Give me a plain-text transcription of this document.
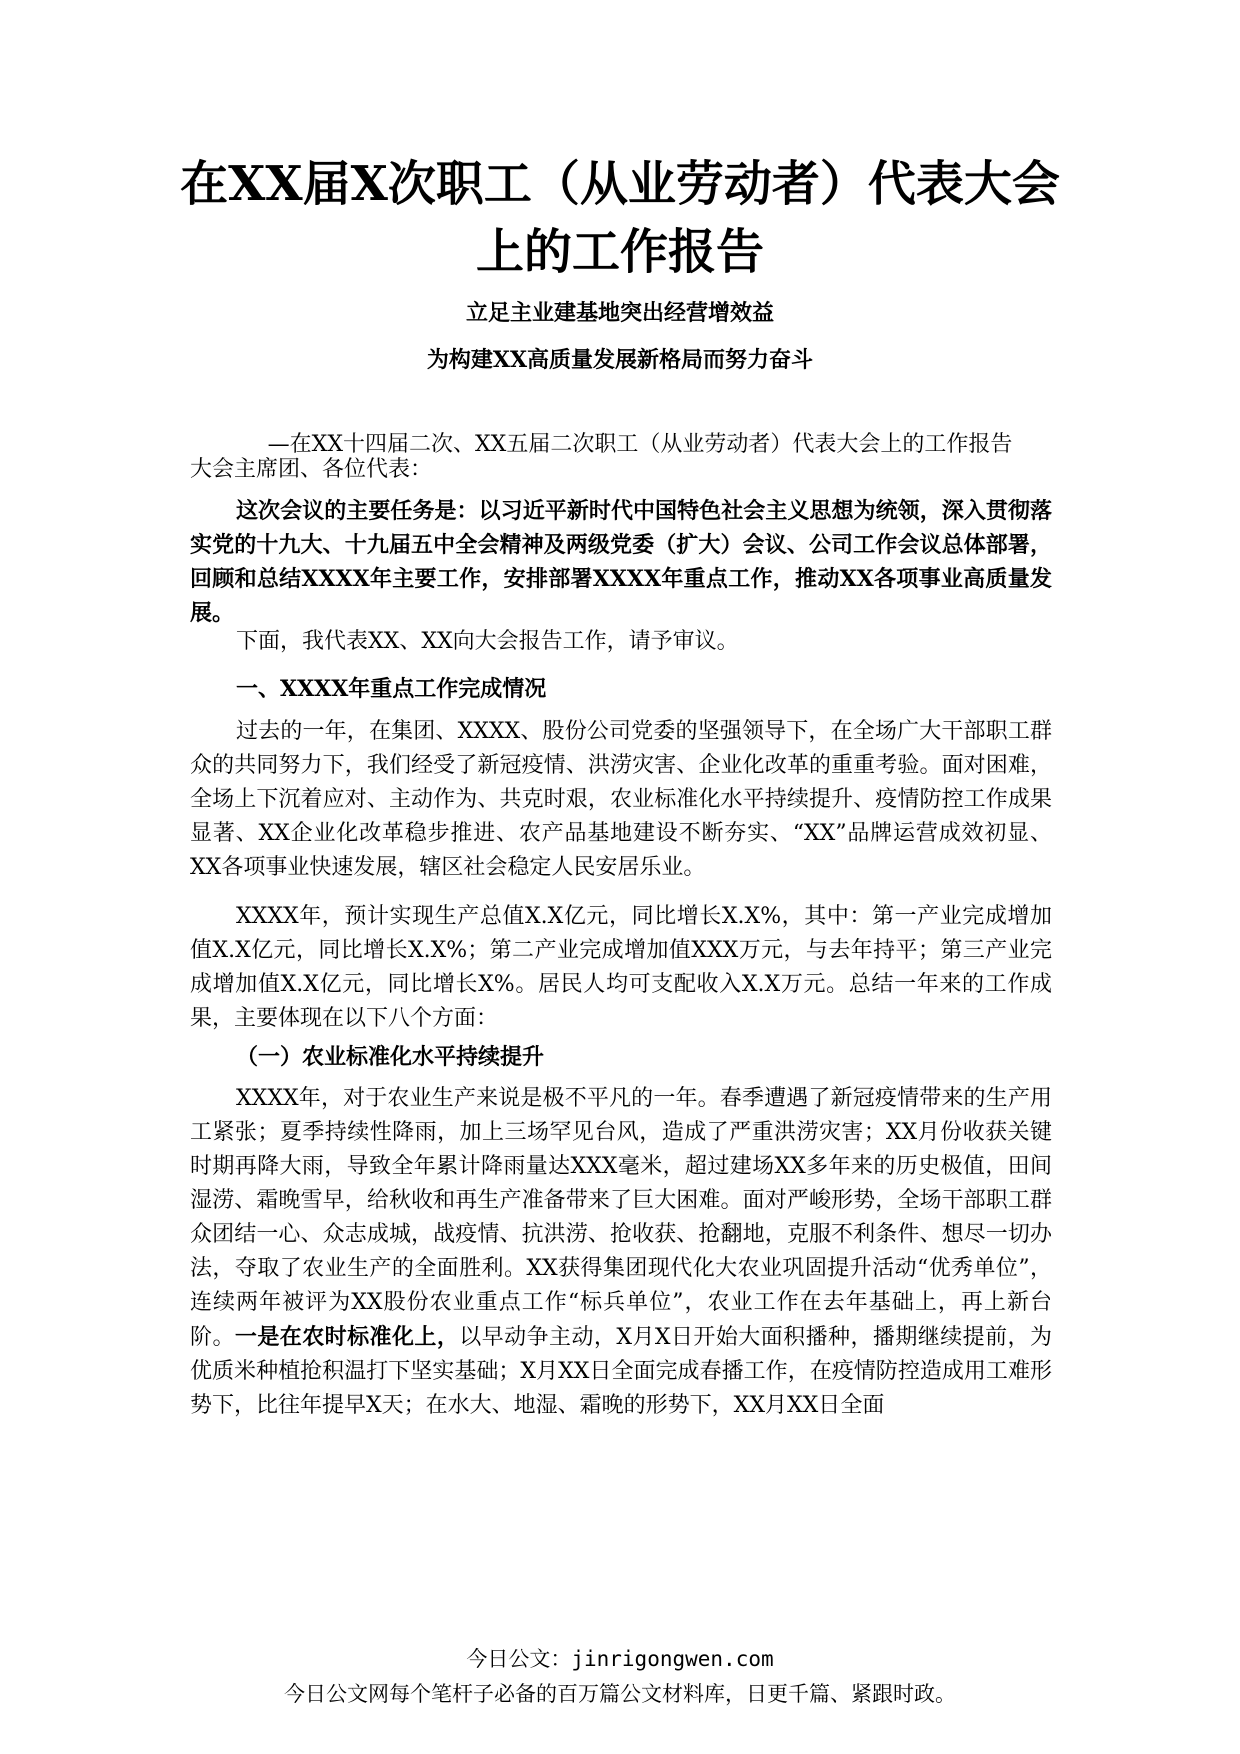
在XX届X次职工（从业劳动者）代表大会
上的工作报告

立足主业建基地突出经营增效益

为构建XX高质量发展新格局而努力奋斗

—在XX十四届二次、XX五届二次职工（从业劳动者）代表大会上的工作报告

大会主席团、各位代表：

这次会议的主要任务是：以习近平新时代中国特色社会主义思想为统领，深入贯彻落实党的十九大、十九届五中全会精神及两级党委（扩大）会议、公司工作会议总体部署，回顾和总结XXXX年主要工作，安排部署XXXX年重点工作，推动XX各项事业高质量发展。

下面，我代表XX、XX向大会报告工作，请予审议。

一、XXXX年重点工作完成情况

过去的一年，在集团、XXXX、股份公司党委的坚强领导下，在全场广大干部职工群众的共同努力下，我们经受了新冠疫情、洪涝灾害、企业化改革的重重考验。面对困难，全场上下沉着应对、主动作为、共克时艰，农业标准化水平持续提升、疫情防控工作成果显著、XX企业化改革稳步推进、农产品基地建设不断夯实、“XX”品牌运营成效初显、XX各项事业快速发展，辖区社会稳定人民安居乐业。

XXXX年，预计实现生产总值X.X亿元，同比增长X.X%，其中：第一产业完成增加值X.X亿元，同比增长X.X%；第二产业完成增加值XXX万元，与去年持平；第三产业完成增加值X.X亿元，同比增长X%。居民人均可支配收入X.X万元。总结一年来的工作成果，主要体现在以下八个方面：

（一）农业标准化水平持续提升

XXXX年，对于农业生产来说是极不平凡的一年。春季遭遇了新冠疫情带来的生产用工紧张；夏季持续性降雨，加上三场罕见台风，造成了严重洪涝灾害；XX月份收获关键时期再降大雨，导致全年累计降雨量达XXX毫米，超过建场XX多年来的历史极值，田间湿涝、霜晚雪早，给秋收和再生产准备带来了巨大困难。面对严峻形势，全场干部职工群众团结一心、众志成城，战疫情、抗洪涝、抢收获、抢翻地，克服不利条件、想尽一切办法，夺取了农业生产的全面胜利。XX获得集团现代化大农业巩固提升活动“优秀单位”，连续两年被评为XX股份农业重点工作“标兵单位”，农业工作在去年基础上，再上新台阶。一是在农时标准化上，以早动争主动，X月X日开始大面积播种，播期继续提前，为优质米种植抢积温打下坚实基础；X月XX日全面完成春播工作，在疫情防控造成用工难形势下，比往年提早X天；在水大、地湿、霜晚的形势下，XX月XX日全面

今日公文：jinrigongwen.com
今日公文网每个笔杆子必备的百万篇公文材料库，日更千篇、紧跟时政。
